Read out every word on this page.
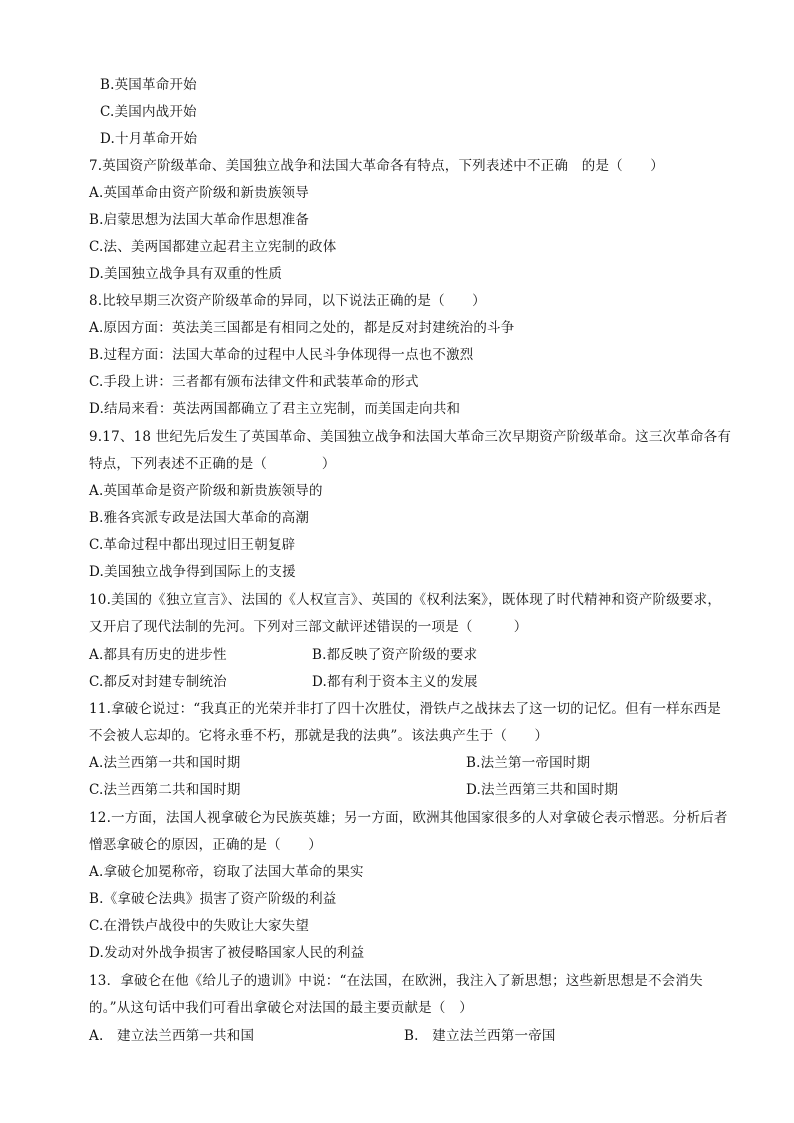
B.英国革命开始
C.美国内战开始
D.十月革命开始
7.英国资产阶级革命、美国独立战争和法国大革命各有特点，下列表述中不正确　的是（　　）
A.英国革命由资产阶级和新贵族领导
B.启蒙思想为法国大革命作思想准备
C.法、美两国都建立起君主立宪制的政体
D.美国独立战争具有双重的性质
8.比较早期三次资产阶级革命的异同，以下说法正确的是（　　）
A.原因方面：英法美三国都是有相同之处的，都是反对封建统治的斗争
B.过程方面：法国大革命的过程中人民斗争体现得一点也不激烈
C.手段上讲：三者都有颁布法律文件和武装革命的形式
D.结局来看：英法两国都确立了君主立宪制，而美国走向共和
9.17、18 世纪先后发生了英国革命、美国独立战争和法国大革命三次早期资产阶级革命。这三次革命各有
特点，下列表述不正确的是（　　　　）
A.英国革命是资产阶级和新贵族领导的
B.雅各宾派专政是法国大革命的高潮
C.革命过程中都出现过旧王朝复辟
D.美国独立战争得到国际上的支援
10.美国的《独立宣言》、法国的《人权宣言》、英国的《权利法案》，既体现了时代精神和资产阶级要求，
又开启了现代法制的先河。下列对三部文献评述错误的一项是（　　　）
A.都具有历史的进步性	B.都反映了资产阶级的要求
C.都反对封建专制统治	D.都有利于资本主义的发展
11.拿破仑说过：“我真正的光荣并非打了四十次胜仗，滑铁卢之战抹去了这一切的记忆。但有一样东西是
不会被人忘却的。它将永垂不朽，那就是我的法典”。该法典产生于（　　）
A.法兰西第一共和国时期	B.法兰第一帝国时期
C.法兰西第二共和国时期	D.法兰西第三共和国时期
12.一方面，法国人视拿破仑为民族英雄；另一方面，欧洲其他国家很多的人对拿破仑表示憎恶。分析后者
憎恶拿破仑的原因，正确的是（　　）
A.拿破仑加冕称帝，窃取了法国大革命的果实
B.《拿破仑法典》损害了资产阶级的利益
C.在滑铁卢战役中的失败让大家失望
D.发动对外战争损害了被侵略国家人民的利益
13．拿破仑在他《给儿子的遗训》中说：“在法国，在欧洲，我注入了新思想；这些新思想是不会消失
的。”从这句话中我们可看出拿破仑对法国的最主要贡献是（　）
A.　建立法兰西第一共和国	B.　建立法兰西第一帝国
